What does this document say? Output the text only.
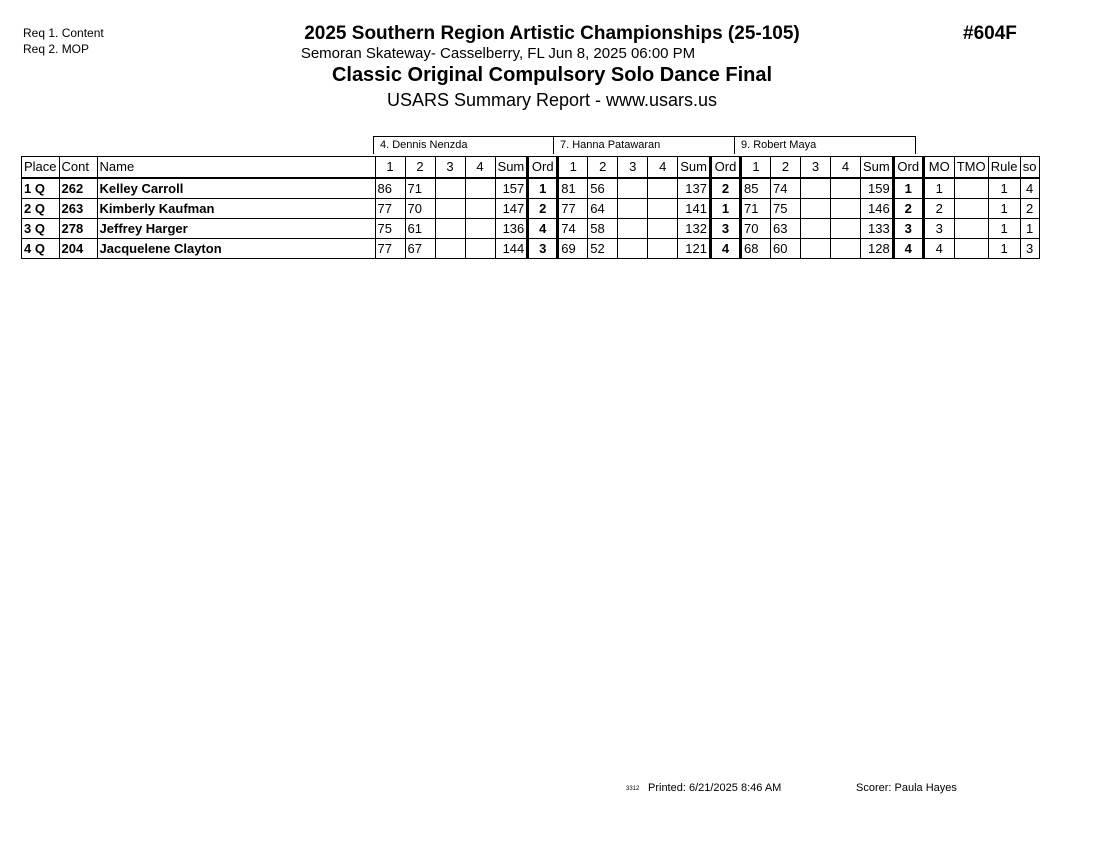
Req 1. Content
Req 2. MOP
2025 Southern Region Artistic Championships (25-105)
Semoran Skateway- Casselberry, FL Jun 8, 2025 06:00 PM
Classic Original Compulsory Solo Dance Final
USARS Summary Report - www.usars.us
#604F
4. Dennis Nenzda	7. Hanna Patawaran	9. Robert Maya
Place	Cont	Name	1	2	3	4	Sum	Ord	1	2	3	4	Sum	Ord	1	2	3	4	Sum	Ord	MO	TMO	Rule	so
1 Q	262	Kelley Carroll	86	71			157	1	81	56			137	2	85	74			159	1	1		1	4
2 Q	263	Kimberly Kaufman	77	70			147	2	77	64			141	1	71	75			146	2	2		1	2
3 Q	278	Jeffrey Harger	75	61			136	4	74	58			132	3	70	63			133	3	3		1	1
4 Q	204	Jacquelene Clayton	77	67			144	3	69	52			121	4	68	60			128	4	4		1	3
3312 Printed: 6/21/2025 8:46 AM	Scorer: Paula Hayes
